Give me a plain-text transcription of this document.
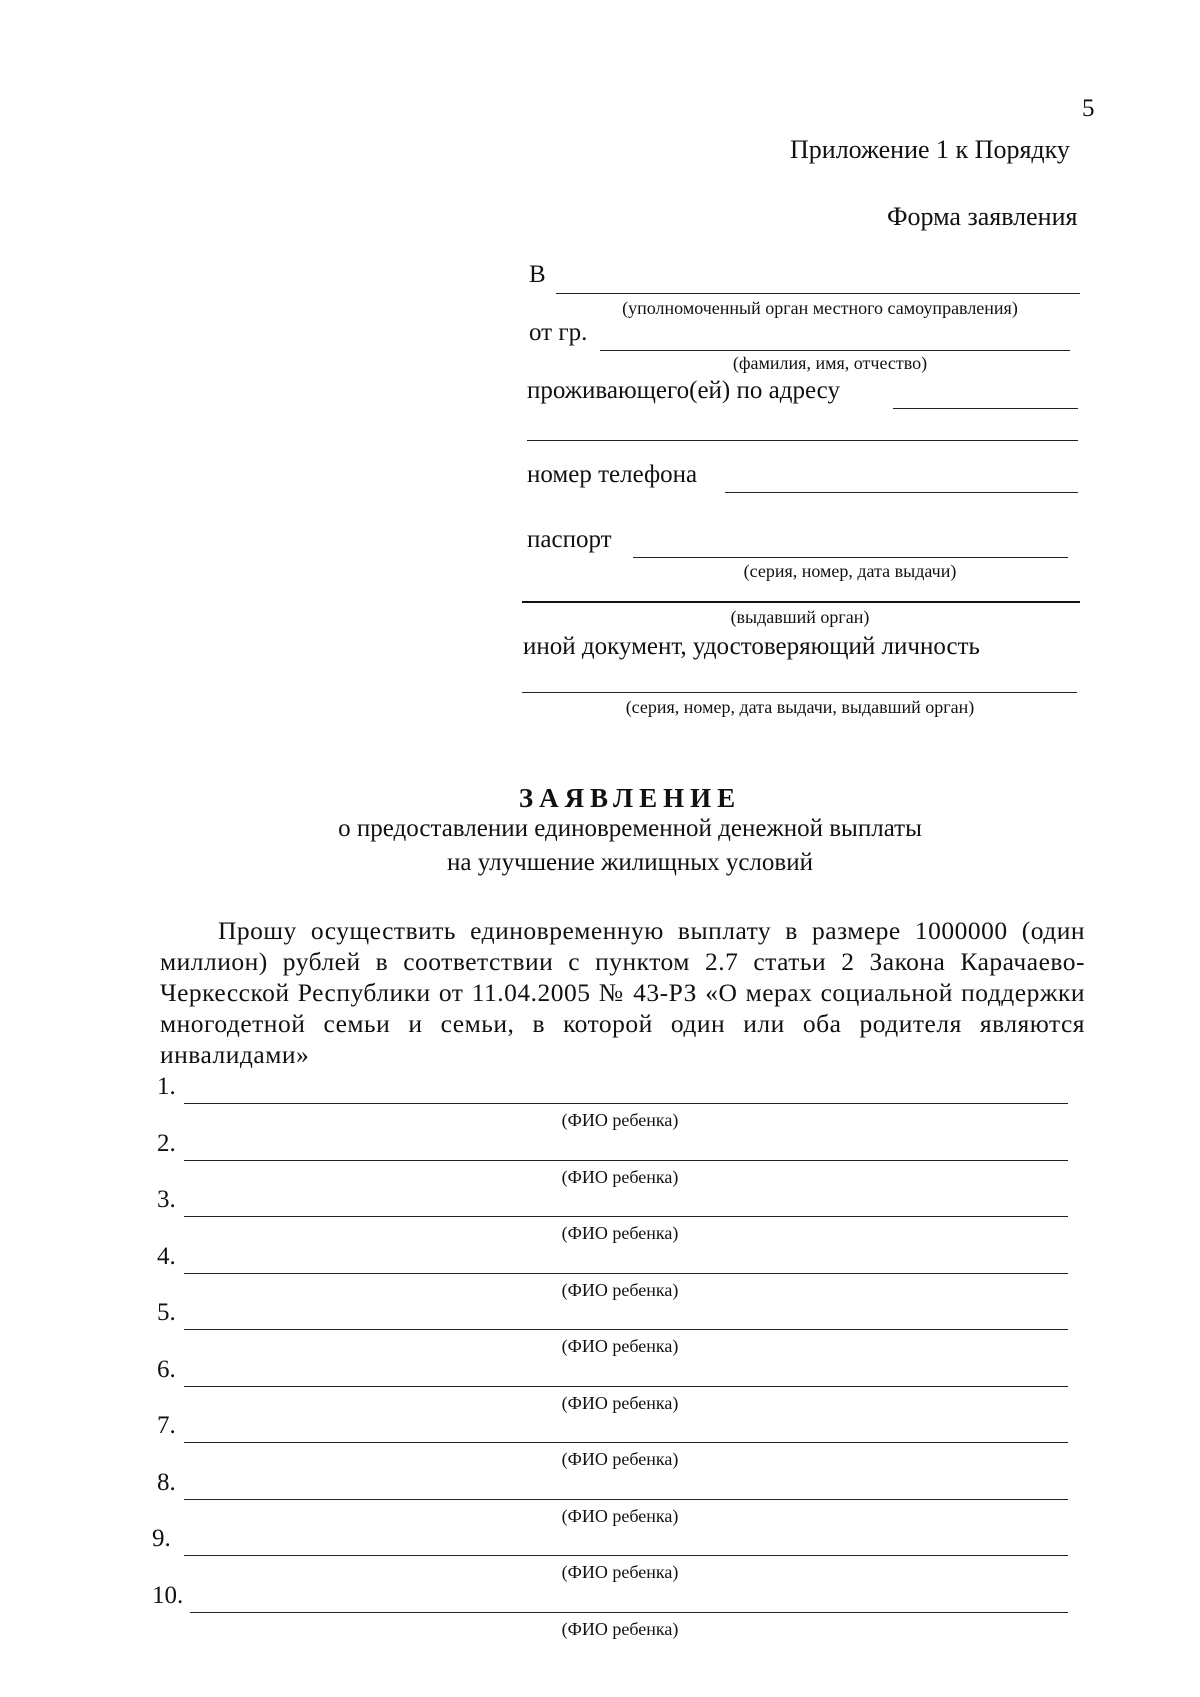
5
Приложение 1 к Порядку
Форма заявления
В
(уполномоченный орган местного самоуправления)
от гр.
(фамилия, имя, отчество)
проживающего(ей) по адресу
номер телефона
паспорт
(серия, номер, дата выдачи)
(выдавший орган)
иной документ, удостоверяющий личность
(серия, номер, дата выдачи, выдавший орган)
ЗАЯВЛЕНИЕ
о предоставлении единовременной денежной выплаты
на улучшение жилищных условий
Прошу осуществить единовременную выплату в размере 1000000 (один миллион) рублей в соответствии с пунктом 2.7 статьи 2 Закона Карачаево-Черкесской Республики от 11.04.2005 № 43-РЗ «О мерах социальной поддержки многодетной семьи и семьи, в которой один или оба родителя являются инвалидами»
1.
(ФИО ребенка)
2.
(ФИО ребенка)
3.
(ФИО ребенка)
4.
(ФИО ребенка)
5.
(ФИО ребенка)
6.
(ФИО ребенка)
7.
(ФИО ребенка)
8.
(ФИО ребенка)
9.
(ФИО ребенка)
10.
(ФИО ребенка)
